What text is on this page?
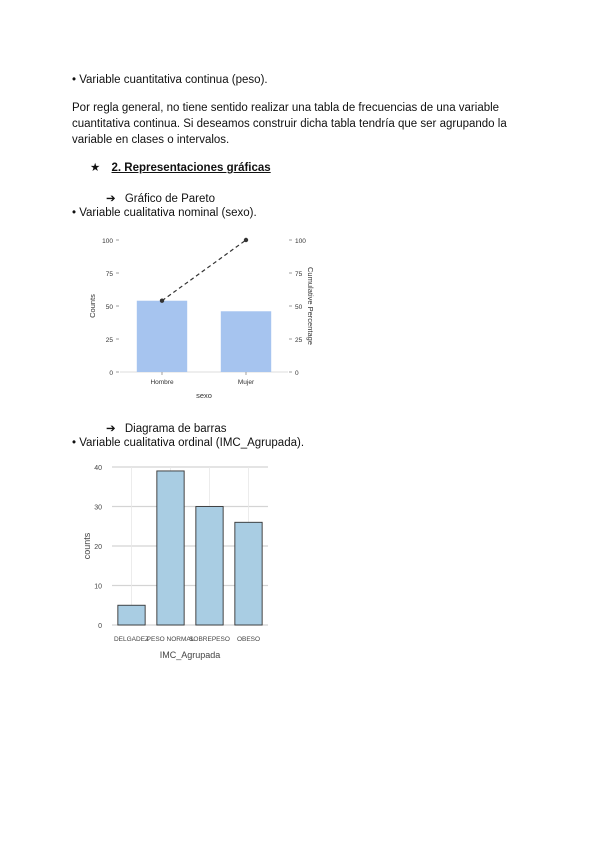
• Variable cuantitativa continua (peso).
Por regla general, no tiene sentido realizar una tabla de frecuencias de una variable cuantitativa continua. Si deseamos construir dicha tabla tendría que ser agrupando la variable en clases o intervalos.
★ 2. Representaciones gráficas
➔ Gráfico de Pareto
• Variable cualitativa nominal (sexo).
0
25
50
75
100
0
25
50
75
100
Hombre	Mujer
sexo
Counts	Cumulative Percentage
➔ Diagrama de barras
• Variable cualitativa ordinal (IMC_Agrupada).
0
10
20
30
40
DELGADEZ
PESO NORMAL
SOBREPESO OBESO
IMC_Agrupada
counts
